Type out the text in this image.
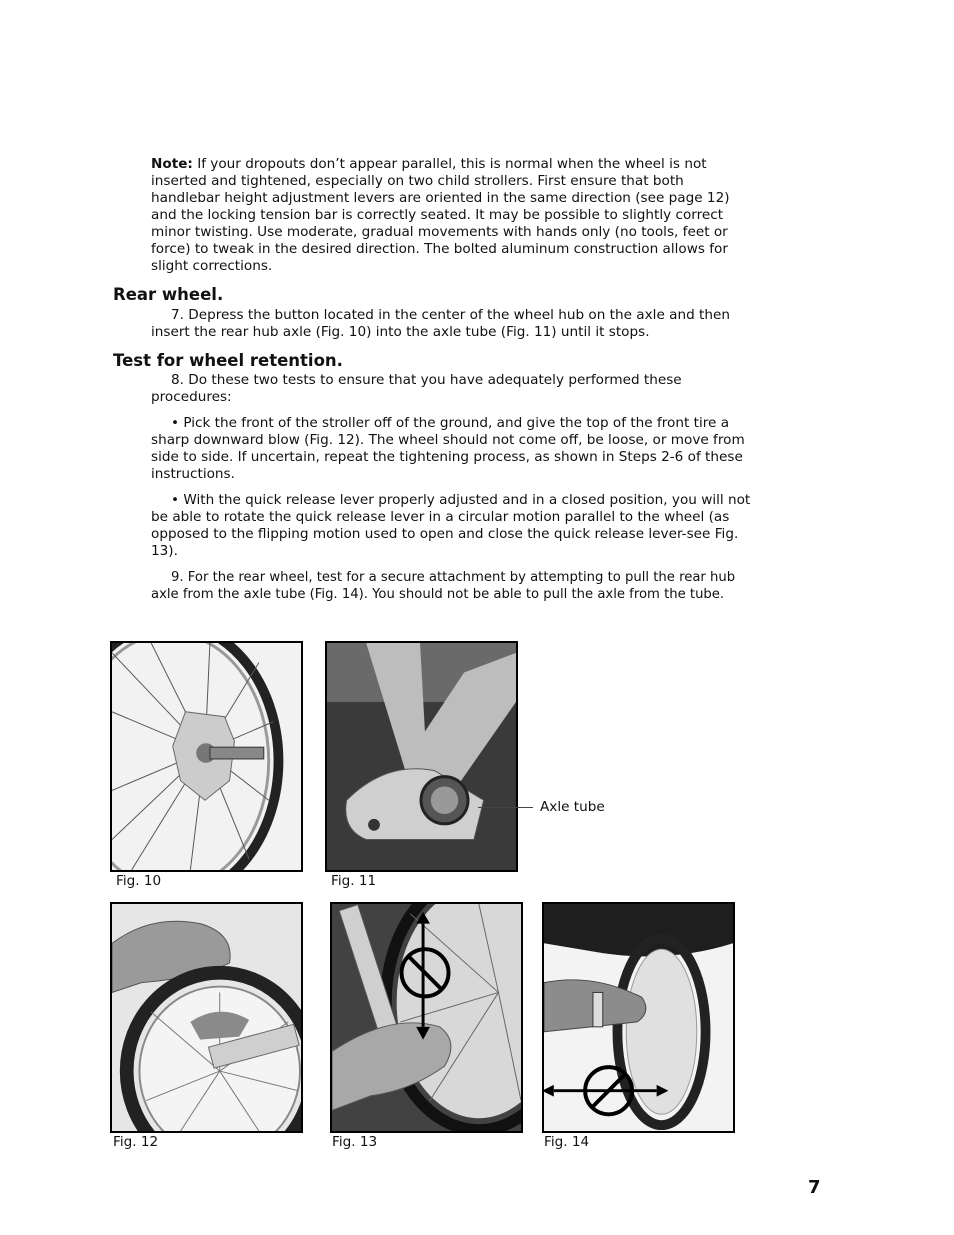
Note: If your dropouts don’t appear parallel, this is normal when the wheel is not inserted and tightened, especially on two child strollers. First ensure that both handlebar height adjustment levers are oriented in the same direction (see page 12) and the locking tension bar is correctly seated. It may be possible to slightly correct minor twisting. Use moderate, gradual movements with hands only (no tools, feet or force) to tweak in the desired direction. The bolted aluminum construction allows for slight corrections.

Rear wheel.

7. Depress the button located in the center of the wheel hub on the axle and then insert the rear hub axle (Fig. 10) into the axle tube (Fig. 11) until it stops.

Test for wheel retention.

8. Do these two tests to ensure that you have adequately performed these procedures:

• Pick the front of the stroller off of the ground, and give the top of the front tire a sharp downward blow (Fig. 12). The wheel should not come off, be loose, or move from side to side. If uncertain, repeat the tightening process, as shown in Steps 2-6 of these instructions.

• With the quick release lever properly adjusted and in a closed position, you will not be able to rotate the quick release lever in a circular motion parallel to the wheel (as opposed to the flipping motion used to open and close the quick release lever-see Fig. 13).

9. For the rear wheel, test for a secure attachment by attempting to pull the rear hub axle from the axle tube (Fig. 14). You should not be able to pull the axle from the tube.

Fig. 10
Axle tube
Fig. 11
Fig. 12	Fig. 13	Fig. 14
7
